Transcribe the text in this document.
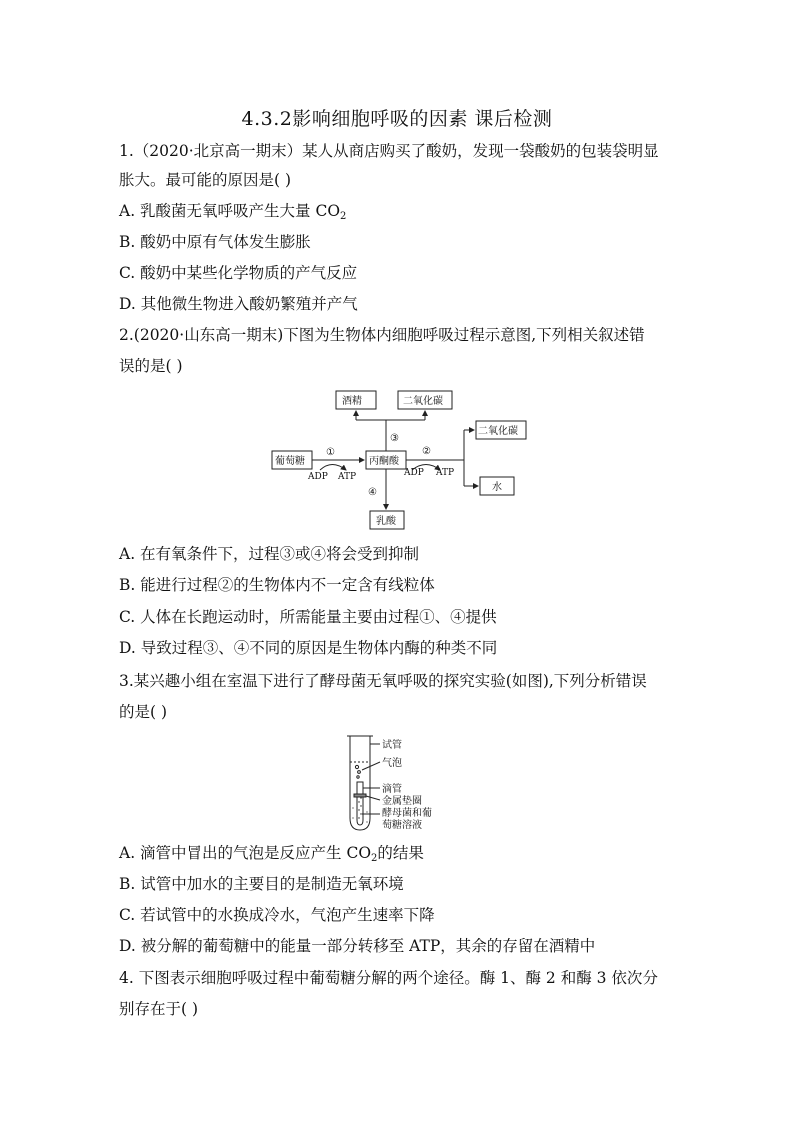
4.3.2影响细胞呼吸的因素 课后检测
1.（2020·北京高一期末）某人从商店购买了酸奶，发现一袋酸奶的包装袋明显
胀大。最可能的原因是( )
A. 乳酸菌无氧呼吸产生大量 $CO_2$
B. 酸奶中原有气体发生膨胀
C. 酸奶中某些化学物质的产气反应
D. 其他微生物进入酸奶繁殖并产气
2.(2020·山东高一期末)下图为生物体内细胞呼吸过程示意图,下列相关叙述错
误的是( )
酒精	二氧化碳
葡萄糖	丙酮酸
二氧化碳
水
乳酸
①	②
③
④
ADP ATP	ADP ATP
A. 在有氧条件下，过程③或④将会受到抑制
B. 能进行过程②的生物体内不一定含有线粒体
C. 人体在长跑运动时，所需能量主要由过程①、④提供
D. 导致过程③、④不同的原因是生物体内酶的种类不同
3.某兴趣小组在室温下进行了酵母菌无氧呼吸的探究实验(如图),下列分析错误
的是( )
试管
气泡
滴管
金属垫圈
酵母菌和葡
萄糖溶液
A. 滴管中冒出的气泡是反应产生 $CO_2$的结果
B. 试管中加水的主要目的是制造无氧环境
C. 若试管中的水换成冷水，气泡产生速率下降
D. 被分解的葡萄糖中的能量一部分转移至 ATP，其余的存留在酒精中
4. 下图表示细胞呼吸过程中葡萄糖分解的两个途径。酶 1、酶 2 和酶 3 依次分
别存在于( )
